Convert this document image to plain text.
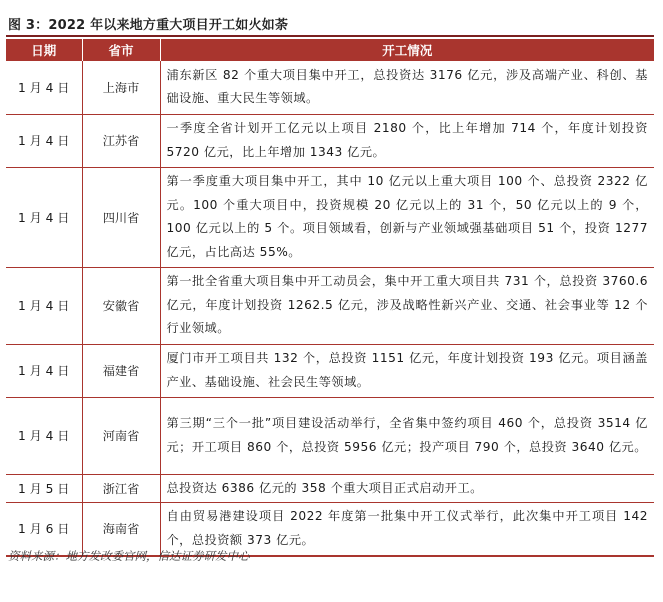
图 3：2022 年以来地方重大项目开工如火如荼
日期	省市	开工情况
1 月 4 日	上海市	浦东新区 82 个重大项目集中开工，总投资达 3176 亿元，涉及高端产业、科创、基础设施、重大民生等领域。
1 月 4 日	江苏省	一季度全省计划开工亿元以上项目 2180 个，比上年增加 714 个，年度计划投资 5720 亿元，比上年增加 1343 亿元。
1 月 4 日	四川省	第一季度重大项目集中开工，其中 10 亿元以上重大项目 100 个、总投资 2322 亿元。100 个重大项目中，投资规模 20 亿元以上的 31 个，50 亿元以上的 9 个，100 亿元以上的 5 个。项目领域看，创新与产业领域强基础项目 51 个，投资 1277 亿元，占比高达 55%。
1 月 4 日	安徽省	第一批全省重大项目集中开工动员会，集中开工重大项目共 731 个，总投资 3760.6 亿元，年度计划投资 1262.5 亿元，涉及战略性新兴产业、交通、社会事业等 12 个行业领域。
1 月 4 日	福建省	厦门市开工项目共 132 个，总投资 1151 亿元，年度计划投资 193 亿元。项目涵盖产业、基础设施、社会民生等领域。
1 月 4 日	河南省	第三期“三个一批”项目建设活动举行，全省集中签约项目 460 个，总投资 3514 亿元；开工项目 860 个，总投资 5956 亿元；投产项目 790 个，总投资 3640 亿元。
1 月 5 日	浙江省	总投资达 6386 亿元的 358 个重大项目正式启动开工。
1 月 6 日	海南省	自由贸易港建设项目 2022 年度第一批集中开工仪式举行，此次集中开工项目 142 个，总投资额 373 亿元。
资料来源：地方发改委官网，信达证券研发中心
